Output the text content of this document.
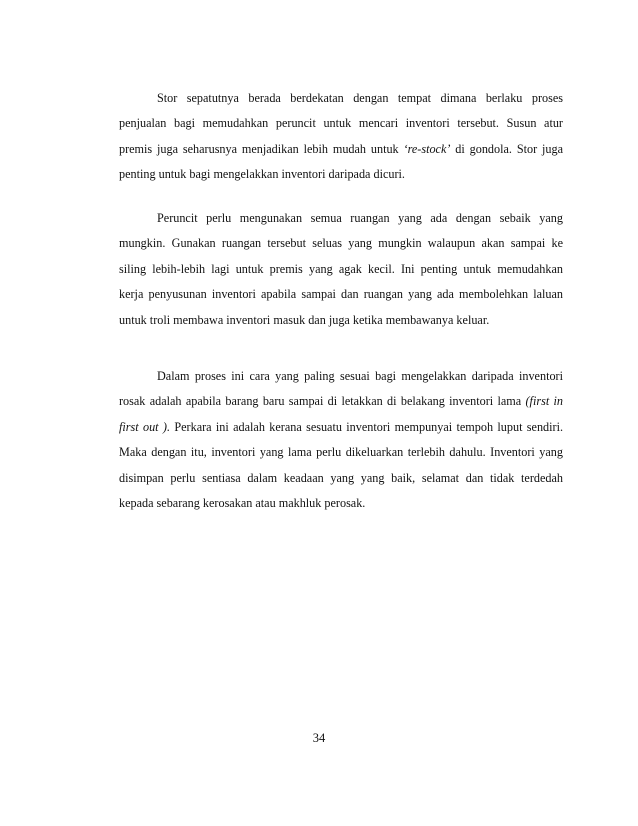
Stor sepatutnya berada berdekatan dengan tempat dimana berlaku proses
penjualan bagi memudahkan peruncit untuk mencari inventori tersebut. Susun atur
premis juga seharusnya menjadikan lebih mudah untuk ‘re-stock’ di gondola. Stor juga
penting untuk bagi mengelakkan inventori daripada dicuri.
Peruncit perlu mengunakan semua ruangan yang ada dengan sebaik yang
mungkin. Gunakan ruangan tersebut seluas yang mungkin walaupun akan sampai ke
siling lebih-lebih lagi untuk premis yang agak kecil. Ini penting untuk memudahkan
kerja penyusunan inventori apabila sampai dan ruangan yang ada membolehkan laluan
untuk troli membawa inventori masuk dan juga ketika membawanya keluar.
Dalam proses ini cara yang paling sesuai bagi mengelakkan daripada inventori
rosak adalah apabila barang baru sampai di letakkan di belakang inventori lama (first in
first out ). Perkara ini adalah kerana sesuatu inventori mempunyai tempoh luput sendiri.
Maka dengan itu, inventori yang lama perlu dikeluarkan terlebih dahulu. Inventori yang
disimpan perlu sentiasa dalam keadaan yang yang baik, selamat dan tidak terdedah
kepada sebarang kerosakan atau makhluk perosak.
34
